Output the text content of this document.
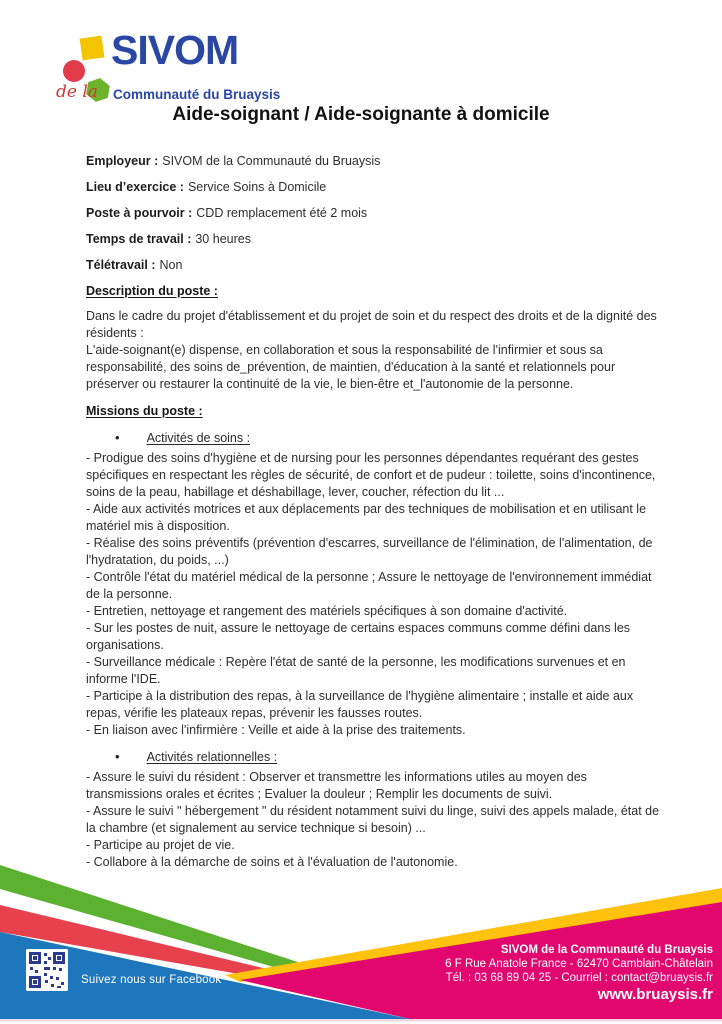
SIVOM
de la Communauté du Bruaysis
Aide-soignant / Aide-soignante à domicile
Employeur : SIVOM de la Communauté du Bruaysis
Lieu d’exercice : Service Soins à Domicile
Poste à pourvoir : CDD remplacement été 2 mois
Temps de travail : 30 heures
Télétravail : Non
Description du poste :
Dans le cadre du projet d'établissement et du projet de soin et du respect des droits et de la dignité des résidents :
L'aide-soignant(e) dispense, en collaboration et sous la responsabilité de l'infirmier et sous sa responsabilité, des soins de_prévention, de maintien, d'éducation à la santé et relationnels pour préserver ou restaurer la continuité de la vie, le bien-être et_l'autonomie de la personne.
Missions du poste :
• Activités de soins :
- Prodigue des soins d'hygiène et de nursing pour les personnes dépendantes requérant des gestes spécifiques en respectant les règles de sécurité, de confort et de pudeur : toilette, soins d'incontinence, soins de la peau, habillage et déshabillage, lever, coucher, réfection du lit ...
- Aide aux activités motrices et aux déplacements par des techniques de mobilisation et en utilisant le matériel mis à disposition.
- Réalise des soins préventifs (prévention d'escarres, surveillance de l'élimination, de l'alimentation, de l'hydratation, du poids, ...)
- Contrôle l'état du matériel médical de la personne ; Assure le nettoyage de l'environnement immédiat de la personne.
- Entretien, nettoyage et rangement des matériels spécifiques à son domaine d'activité.
- Sur les postes de nuit, assure le nettoyage de certains espaces communs comme défini dans les organisations.
- Surveillance médicale : Repère l'état de santé de la personne, les modifications survenues et en informe l'IDE.
- Participe à la distribution des repas, à la surveillance de l'hygiène alimentaire ; installe et aide aux repas, vérifie les plateaux repas, prévenir les fausses routes.
- En liaison avec l'infirmière : Veille et aide à la prise des traitements.
• Activités relationnelles :
- Assure le suivi du résident : Observer et transmettre les informations utiles au moyen des transmissions orales et écrites ; Evaluer la douleur ; Remplir les documents de suivi.
- Assure le suivi " hébergement " du résident notamment suivi du linge, suivi des appels malade, état de la chambre (et signalement au service technique si besoin) ...
- Participe au projet de vie.
- Collabore à la démarche de soins et à l'évaluation de l'autonomie.
Suivez nous sur Facebook
SIVOM de la Communauté du Bruaysis
6 F Rue Anatole France - 62470 Camblain-Châtelain
Tél. : 03 68 89 04 25 - Courriel : contact@bruaysis.fr
www.bruaysis.fr
